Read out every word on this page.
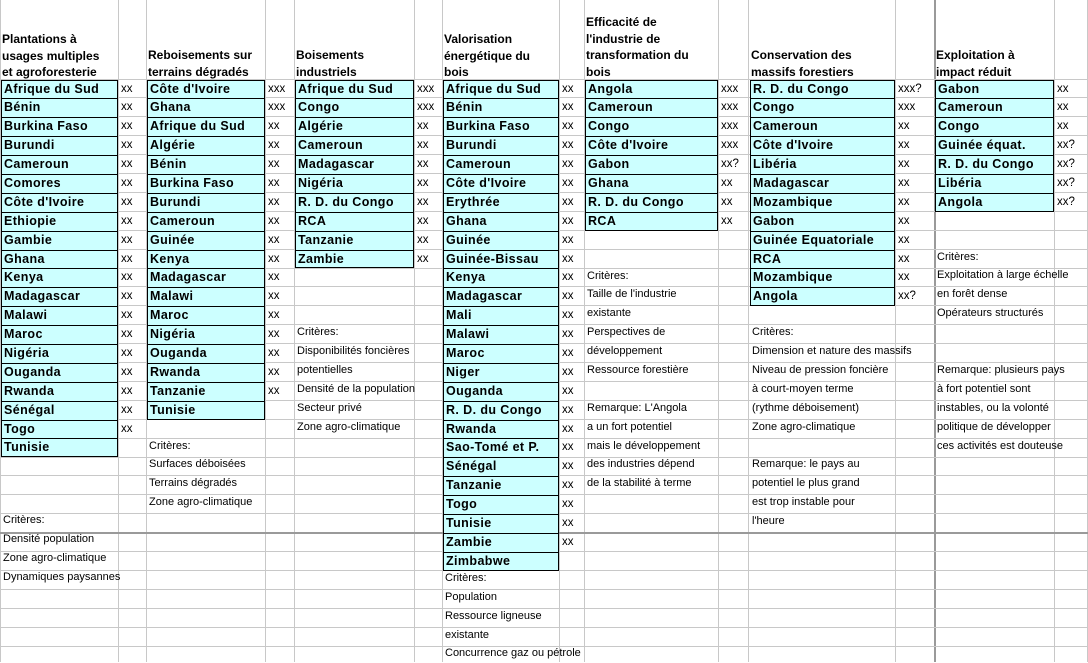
Plantations à
usages multiples
et agroforesterie
Afrique du Sud	xx
Bénin	xx
Burkina Faso	xx
Burundi	xx
Cameroun	xx
Comores	xx
Côte d'Ivoire	xx
Ethiopie	xx
Gambie	xx
Ghana	xx
Kenya	xx
Madagascar	xx
Malawi	xx
Maroc	xx
Nigéria	xx
Ouganda	xx
Rwanda	xx
Sénégal	xx
Togo	xx
Tunisie
Critères:
Densité population
Zone agro-climatique
Dynamiques paysannes
Reboisements sur
terrains dégradés
Côte d'Ivoire	xxx
Ghana	xxx
Afrique du Sud	xx
Algérie	xx
Bénin	xx
Burkina Faso	xx
Burundi	xx
Cameroun	xx
Guinée	xx
Kenya	xx
Madagascar	xx
Malawi	xx
Maroc	xx
Nigéria	xx
Ouganda	xx
Rwanda	xx
Tanzanie	xx
Tunisie
Critères:
Surfaces déboisées
Terrains dégradés
Zone agro-climatique
Boisements
industriels
Afrique du Sud	xxx
Congo	xxx
Algérie	xx
Cameroun	xx
Madagascar	xx
Nigéria	xx
R. D. du Congo	xx
RCA	xx
Tanzanie	xx
Zambie	xx
Critères:
Disponibilités foncières
potentielles
Densité de la population
Secteur privé
Zone agro-climatique
Valorisation
énergétique du
bois
Afrique du Sud	xx
Bénin	xx
Burkina Faso	xx
Burundi	xx
Cameroun	xx
Côte d'Ivoire	xx
Erythrée	xx
Ghana	xx
Guinée	xx
Guinée-Bissau	xx
Kenya	xx
Madagascar	xx
Mali	xx
Malawi	xx
Maroc	xx
Niger	xx
Ouganda	xx
R. D. du Congo	xx
Rwanda	xx
Sao-Tomé et P.	xx
Sénégal	xx
Tanzanie	xx
Togo	xx
Tunisie	xx
Zambie	xx
Zimbabwe
Critères:
Population
Ressource ligneuse
existante
Concurrence gaz ou pétrole
Efficacité de
l'industrie de
transformation du
bois
Angola	xxx
Cameroun	xxx
Congo	xxx
Côte d'Ivoire	xxx
Gabon	xx?
Ghana	xx
R. D. du Congo	xx
RCA	xx
Critères:
Taille de l'industrie
existante
Perspectives de
développement
Ressource forestière
Remarque: L'Angola
a un fort potentiel
mais le développement
des industries dépend
de la stabilité à terme
Conservation des
massifs forestiers
R. D. du Congo	xxx?
Congo	xxx
Cameroun	xx
Côte d'Ivoire	xx
Libéria	xx
Madagascar	xx
Mozambique	xx
Gabon	xx
Guinée Equatoriale	xx
RCA	xx
Mozambique	xx
Angola	xx?
Critères:
Dimension et nature des massifs
Niveau de pression foncière
à court-moyen terme
(rythme déboisement)
Zone agro-climatique
Remarque: le pays au
potentiel le plus grand
est trop instable pour
l'heure
Exploitation à
impact réduit
Gabon	xx
Cameroun	xx
Congo	xx
Guinée équat.	xx?
R. D. du Congo	xx?
Libéria	xx?
Angola	xx?
Critères:
Exploitation à large échelle
en forêt dense
Opérateurs structurés
Remarque: plusieurs pays
à fort potentiel sont
instables, ou la volonté
politique de développer
ces activités est douteuse
